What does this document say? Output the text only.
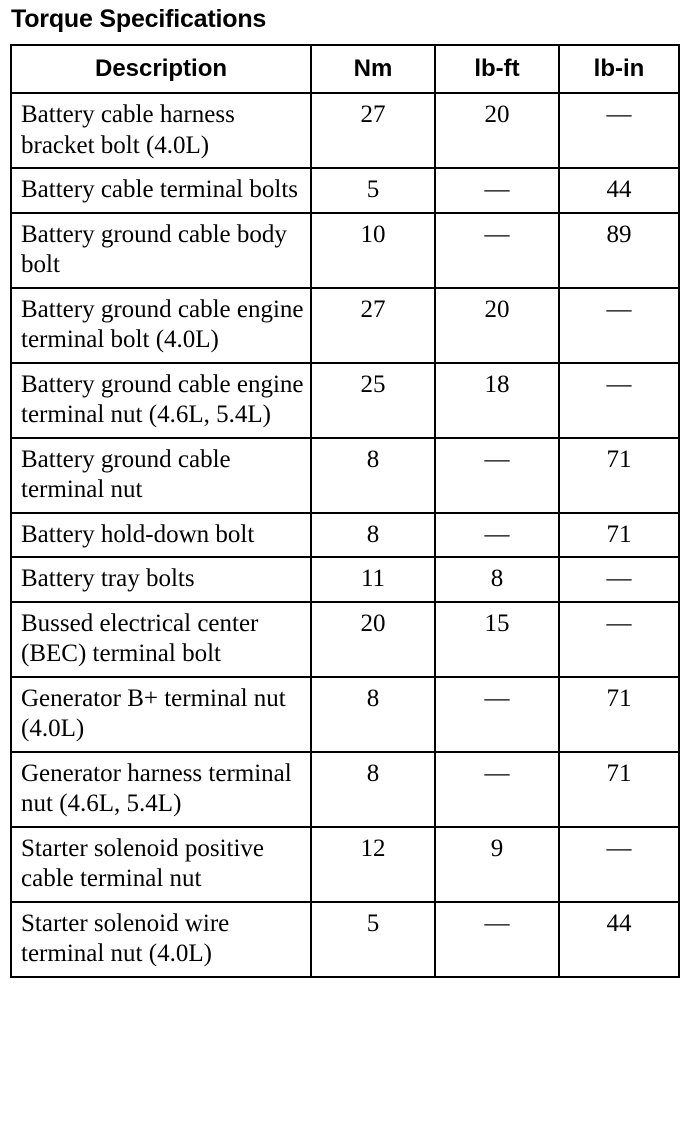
Torque Specifications
Description	Nm	lb-ft	lb-in
Battery cable harness bracket bolt (4.0L)	27	20	—
Battery cable terminal bolts	5	—	44
Battery ground cable body bolt	10	—	89
Battery ground cable engine terminal bolt (4.0L)	27	20	—
Battery ground cable engine terminal nut (4.6L, 5.4L)	25	18	—
Battery ground cable terminal nut	8	—	71
Battery hold-down bolt	8	—	71
Battery tray bolts	11	8	—
Bussed electrical center (BEC) terminal bolt	20	15	—
Generator B+ terminal nut (4.0L)	8	—	71
Generator harness terminal nut (4.6L, 5.4L)	8	—	71
Starter solenoid positive cable terminal nut	12	9	—
Starter solenoid wire terminal nut (4.0L)	5	—	44
